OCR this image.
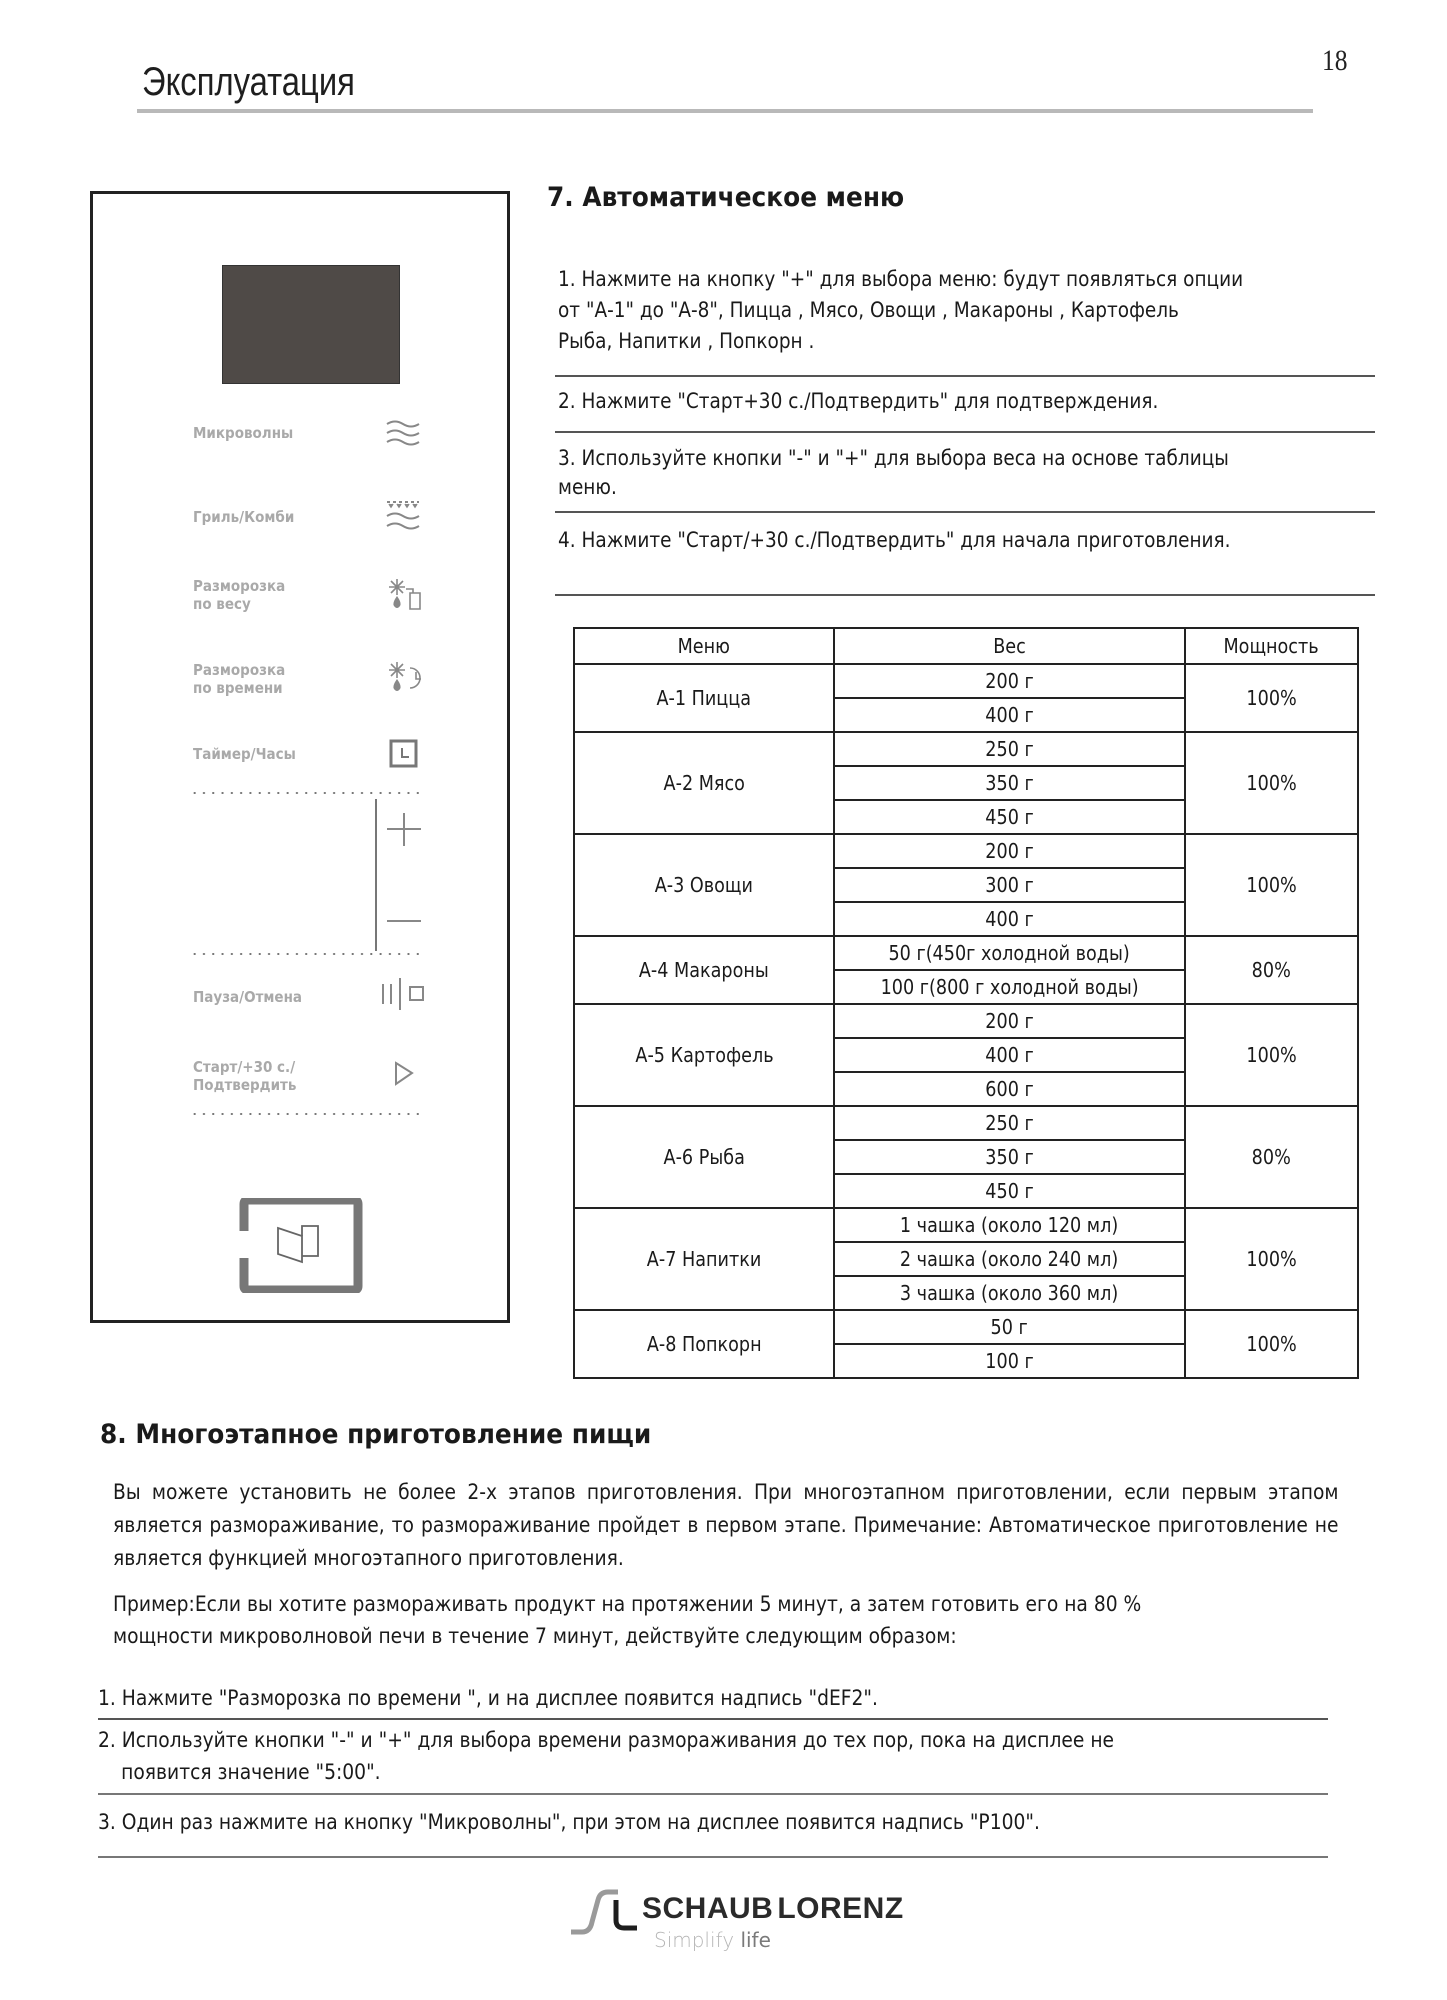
Эксплуатация	18
Микроволны
Гриль/Комби
Разморозка
по весу
Разморозка
по времени
Таймер/Часы
Пауза/Отмена
Старт/+30 с./
Подтвердить
7. Автоматическое меню
1. Нажмите на кнопку "+" для выбора меню: будут появляться опции
от "А-1" до "А-8", Пицца , Мясо, Овощи , Макароны , Картофель
Рыба, Напитки , Попкорн .
2. Нажмите "Старт+30 с./Подтвердить" для подтверждения.
3. Используйте кнопки "-" и "+" для выбора веса на основе таблицы
меню.
4. Нажмите "Старт/+30 с./Подтвердить" для начала приготовления.
Меню	Вес	Мощность
А-1 Пицца	200 г	100%
	400 г	
А-2 Мясо	250 г	100%
	350 г	
	450 г	
А-3 Овощи	200 г	100%
	300 г	
	400 г	
А-4 Макароны	50 г(450г холодной воды)	80%
	100 г(800 г холодной воды)	
А-5 Картофель	200 г	100%
	400 г	
	600 г	
А-6 Рыба	250 г	80%
	350 г	
	450 г	
А-7 Напитки	1 чашка (около 120 мл)	100%
	2 чашка (около 240 мл)	
	3 чашка (около 360 мл)	
А-8 Попкорн	50 г	100%
	100 г	
8. Многоэтапное приготовление пищи
Вы можете установить не более 2-х этапов приготовления. При многоэтапном приготовлении, если первым этапом является размораживание, то размораживание пройдет в первом этапе. Примечание: Автоматическое приготовление не является функцией многоэтапного приготовления.
Пример:Если вы хотите размораживать продукт на протяжении 5 минут, а затем готовить его на 80 %
мощности микроволновой печи в течение 7 минут, действуйте следующим образом:
1. Нажмите "Разморозка по времени ", и на дисплее появится надпись "dEF2".
2. Используйте кнопки "-" и "+" для выбора времени размораживания до тех пор, пока на дисплее не
появится значение "5:00".
3. Один раз нажмите на кнопку "Микроволны", при этом на дисплее появится надпись "P100".
SCHAUB LORENZ
Simplify life
